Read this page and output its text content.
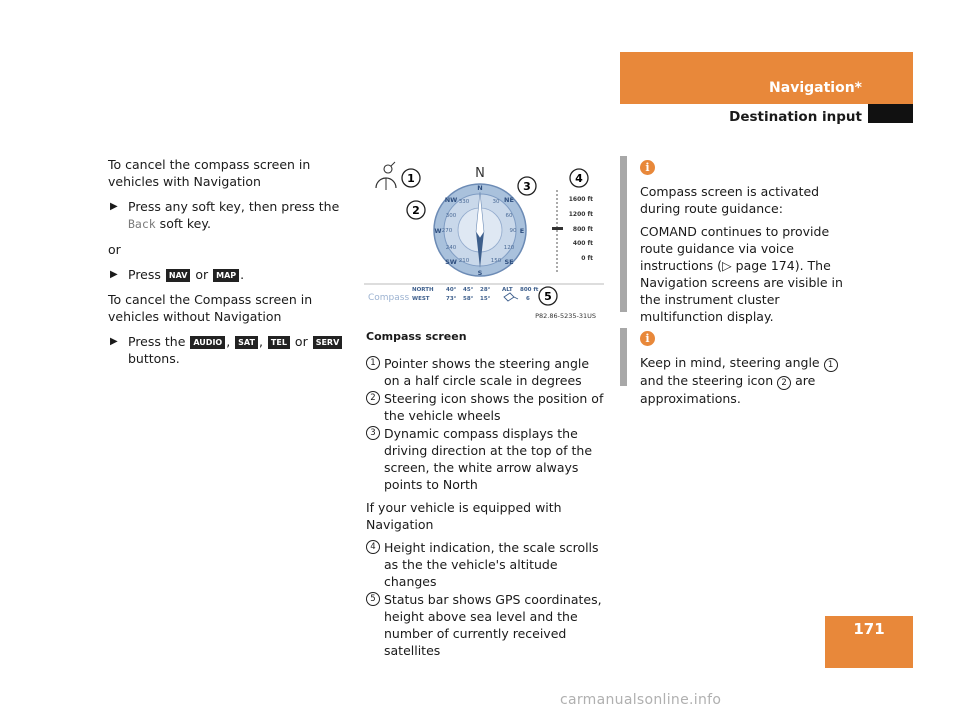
Navigation*
Destination input

To cancel the compass screen in vehicles with Navigation

▶ Press any soft key, then press the Back soft key.

or

▶ Press NAV or MAP .

To cancel the Compass screen in vehicles without Navigation

▶ Press the AUDIO , SAT , TEL or SERV
buttons.
1
2
N
N
NE
E
SE
S
SW
W
NW	30
60
90
120
150
210
240
270
300
330
3
4
1600 ft
1200 ft
800 ft
400 ft
0 ft
Compass
NORTH
WEST
40° 45° 28°
73° 58° 15°
ALT 800 ft
6 5
P82.86-5235-31US
Compass screen
1 Pointer shows the steering angle on a half circle scale in degrees
2 Steering icon shows the position of the vehicle wheels
3 Dynamic compass displays the driving direction at the top of the screen, the white arrow always points to North

If your vehicle is equipped with Navigation

4 Height indication, the scale scrolls as the the vehicle's altitude changes
5 Status bar shows GPS coordinates, height above sea level and the number of currently received satellites
i

Compass screen is activated during route guidance:

COMAND continues to provide route guidance via voice instructions (▷ page 174). The Navigation screens are visible in the instrument cluster multifunction display.

i

Keep in mind, steering angle 1 and the steering icon 2 are approximations.

171
carmanualsonline.info
